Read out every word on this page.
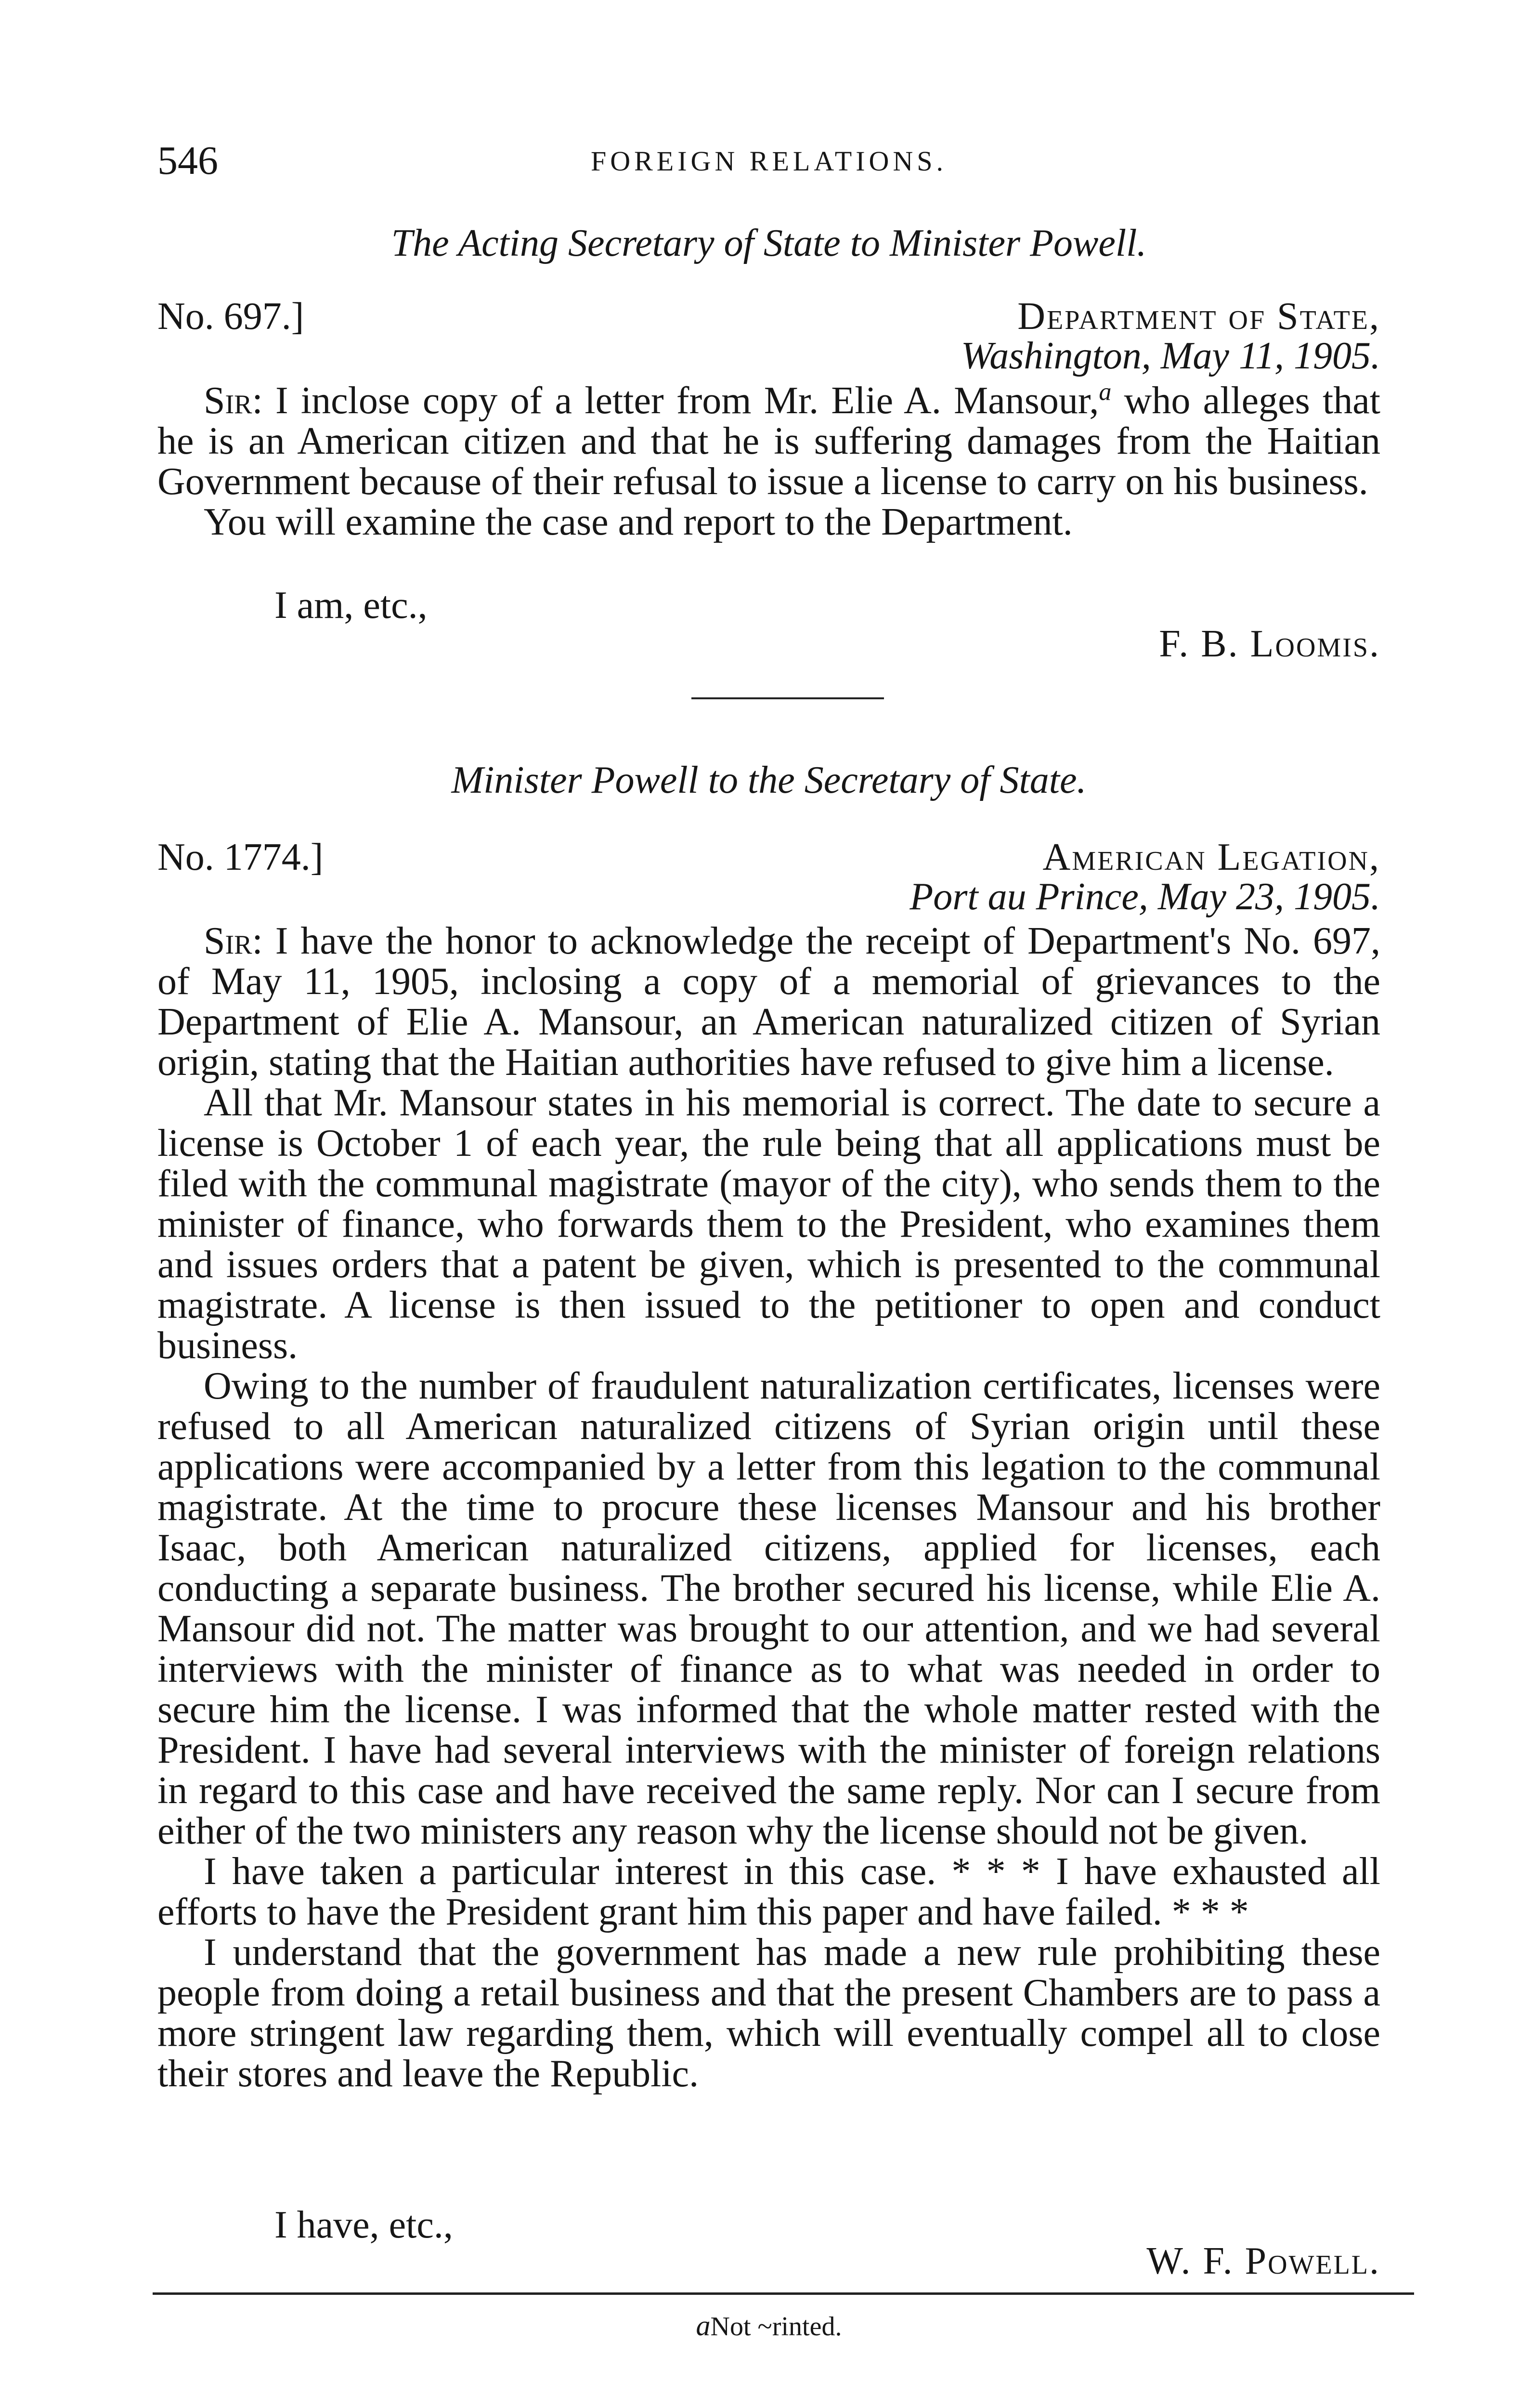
546	FOREIGN RELATIONS.
The Acting Secretary of State to Minister Powell.
No. 697.]	Department of State,
Washington, May 11, 1905.

Sir: I inclose copy of a letter from Mr. Elie A. Mansour,$^a$ who alleges that he is an American citizen and that he is suffering damages from the Haitian Government because of their refusal to issue a license to carry on his business.

You will examine the case and report to the Department.

I am, etc.,
F. B. Loomis.
Minister Powell to the Secretary of State.
No. 1774.]	American Legation,
Port au Prince, May 23, 1905.

Sir: I have the honor to acknowledge the receipt of Department's No. 697, of May 11, 1905, inclosing a copy of a memorial of grievances to the Department of Elie A. Mansour, an American naturalized citizen of Syrian origin, stating that the Haitian authorities have refused to give him a license.

All that Mr. Mansour states in his memorial is correct. The date to secure a license is October 1 of each year, the rule being that all applications must be filed with the communal magistrate (mayor of the city), who sends them to the minister of finance, who forwards them to the President, who examines them and issues orders that a patent be given, which is presented to the communal magistrate. A license is then issued to the petitioner to open and conduct business.

Owing to the number of fraudulent naturalization certificates, licenses were refused to all American naturalized citizens of Syrian origin until these applications were accompanied by a letter from this legation to the communal magistrate. At the time to procure these licenses Mansour and his brother Isaac, both American naturalized citizens, applied for licenses, each conducting a separate business. The brother secured his license, while Elie A. Mansour did not. The matter was brought to our attention, and we had several interviews with the minister of finance as to what was needed in order to secure him the license. I was informed that the whole matter rested with the President. I have had several interviews with the minister of foreign relations in regard to this case and have received the same reply. Nor can I secure from either of the two ministers any reason why the license should not be given.

I have taken a particular interest in this case. * * * I have exhausted all efforts to have the President grant him this paper and have failed. * * *

I understand that the government has made a new rule prohibiting these people from doing a retail business and that the present Chambers are to pass a more stringent law regarding them, which will eventually compel all to close their stores and leave the Republic.

I have, etc.,
W. F. Powell.
aNot ~rinted.
